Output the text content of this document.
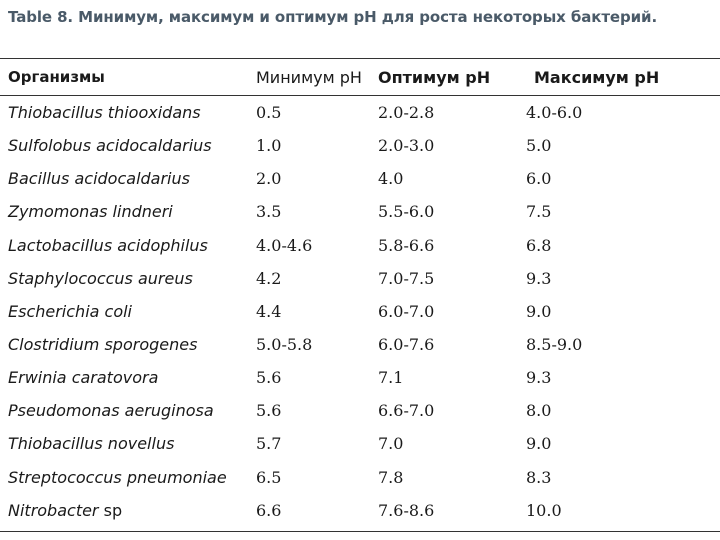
Table 8. Минимум, максимум и оптимум pH для роста некоторых бактерий.
Организмы	Минимум pH	Оптимум pH	Максимум pH
Thiobacillus thiooxidans	0.5	2.0-2.8	4.0-6.0
Sulfolobus acidocaldarius	1.0	2.0-3.0	5.0
Bacillus acidocaldarius	2.0	4.0	6.0
Zymomonas lindneri	3.5	5.5-6.0	7.5
Lactobacillus acidophilus	4.0-4.6	5.8-6.6	6.8
Staphylococcus aureus	4.2	7.0-7.5	9.3
Escherichia coli	4.4	6.0-7.0	9.0
Clostridium sporogenes	5.0-5.8	6.0-7.6	8.5-9.0
Erwinia caratovora	5.6	7.1	9.3
Pseudomonas aeruginosa	5.6	6.6-7.0	8.0
Thiobacillus novellus	5.7	7.0	9.0
Streptococcus pneumoniae	6.5	7.8	8.3
Nitrobacter sp	6.6	7.6-8.6	10.0
